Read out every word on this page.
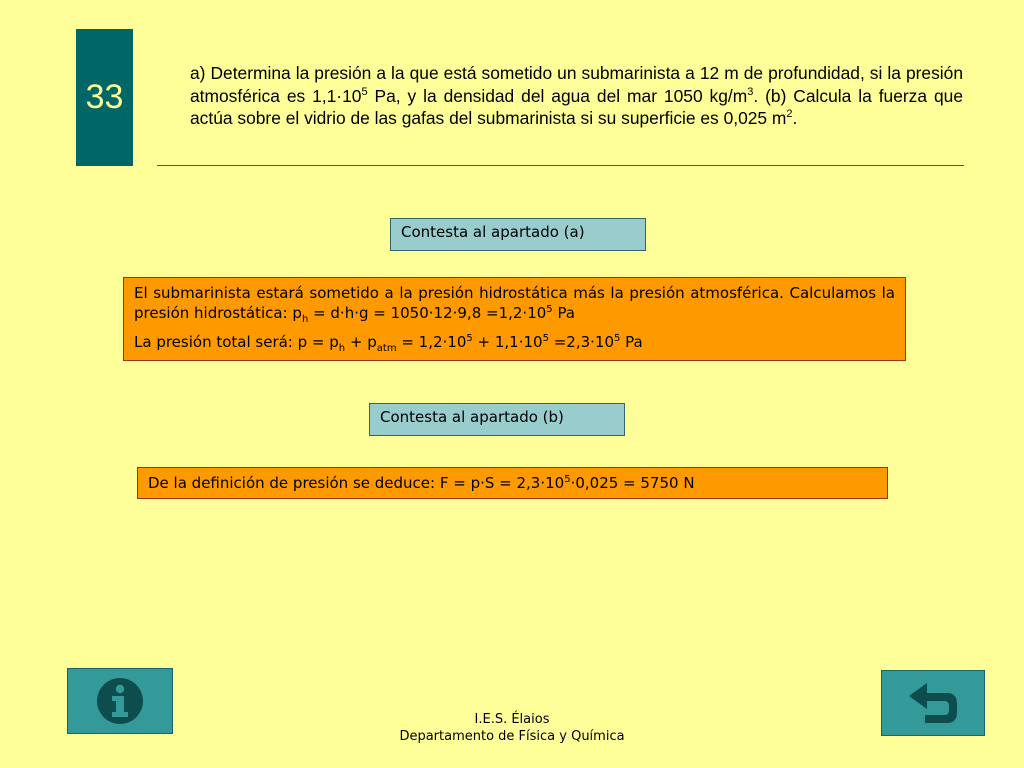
33
a) Determina la presión a la que está sometido un submarinista a 12 m de profundidad, si la presión atmosférica es $1,1\cdot 10^5$ Pa, y la densidad del agua del mar 1050 $kg/m^3$. (b) Calcula la fuerza que actúa sobre el vidrio de las gafas del submarinista si su superficie es 0,025 $m^2$.
Contesta al apartado (a)

El submarinista estará sometido a la presión hidrostática más la presión atmosférica. Calculamos la presión hidrostática: $p_h = d\cdot h\cdot g = 1050\cdot 12\cdot 9,8 =1,2\cdot 10^5$ Pa

La presión total será: $p = p_h + p_{atm} = 1,2\cdot 10^5 + 1,1\cdot 10^5 =2,3\cdot 10^5$ Pa

Contesta al apartado (b)
De la definición de presión se deduce: $F = p\cdot S = 2,3\cdot 10^5\cdot 0,025 = 5750$ N
I.E.S. Élaios
Departamento de Física y Química
